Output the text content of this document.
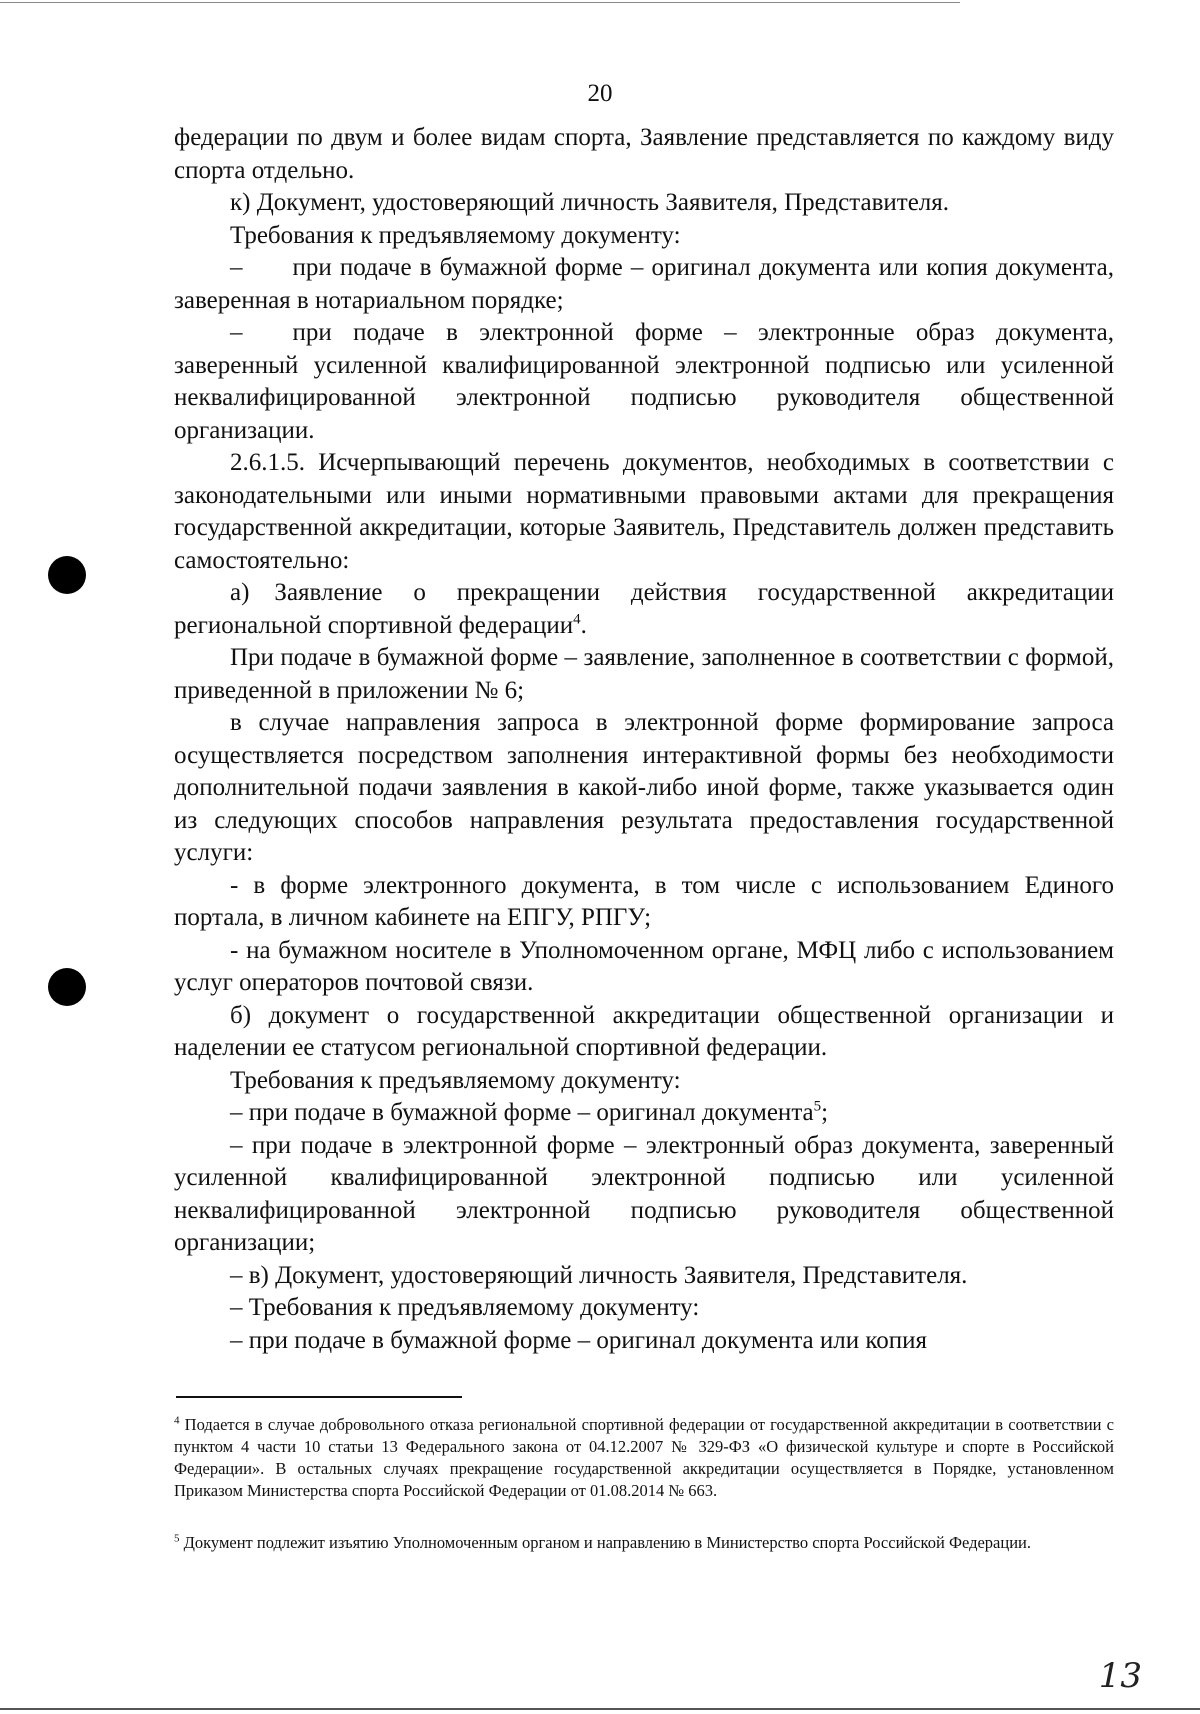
20

федерации по двум и более видам спорта, Заявление представляется по каждому виду спорта отдельно.

к) Документ, удостоверяющий личность Заявителя, Представителя.

Требования к предъявляемому документу:

–  при подаче в бумажной форме – оригинал документа или копия документа, заверенная в нотариальном порядке;

–  при подаче в электронной форме – электронные образ документа, заверенный усиленной квалифицированной электронной подписью или усиленной неквалифицированной электронной подписью руководителя общественной организации.

2.6.1.5. Исчерпывающий перечень документов, необходимых в соответствии с законодательными или иными нормативными правовыми актами для прекращения государственной аккредитации, которые Заявитель, Представитель должен представить самостоятельно:

а) Заявление о прекращении действия государственной аккредитации региональной спортивной федерации$^4$.

При подаче в бумажной форме – заявление, заполненное в соответствии с формой, приведенной в приложении № 6;

в случае направления запроса в электронной форме формирование запроса осуществляется посредством заполнения интерактивной формы без необходимости дополнительной подачи заявления в какой-либо иной форме, также указывается один из следующих способов направления результата предоставления государственной услуги:

- в форме электронного документа, в том числе с использованием Единого портала, в личном кабинете на ЕПГУ, РПГУ;

- на бумажном носителе в Уполномоченном органе, МФЦ либо с использованием услуг операторов почтовой связи.

б) документ о государственной аккредитации общественной организации и наделении ее статусом региональной спортивной федерации.

Требования к предъявляемому документу:

– при подаче в бумажной форме – оригинал документа$^5$;

– при подаче в электронной форме – электронный образ документа, заверенный усиленной квалифицированной электронной подписью или усиленной неквалифицированной электронной подписью руководителя общественной организации;

– в) Документ, удостоверяющий личность Заявителя, Представителя.

– Требования к предъявляемому документу:

– при подаче в бумажной форме – оригинал документа или копия

$^4$ Подается в случае добровольного отказа региональной спортивной федерации от государственной аккредитации в соответствии с пунктом 4 части 10 статьи 13 Федерального закона от 04.12.2007 № 329-ФЗ «О физической культуре и спорте в Российской Федерации». В остальных случаях прекращение государственной аккредитации осуществляется в Порядке, установленном Приказом Министерства спорта Российской Федерации от 01.08.2014 № 663.

$^5$ Документ подлежит изъятию Уполномоченным органом и направлению в Министерство спорта Российской Федерации.

13
